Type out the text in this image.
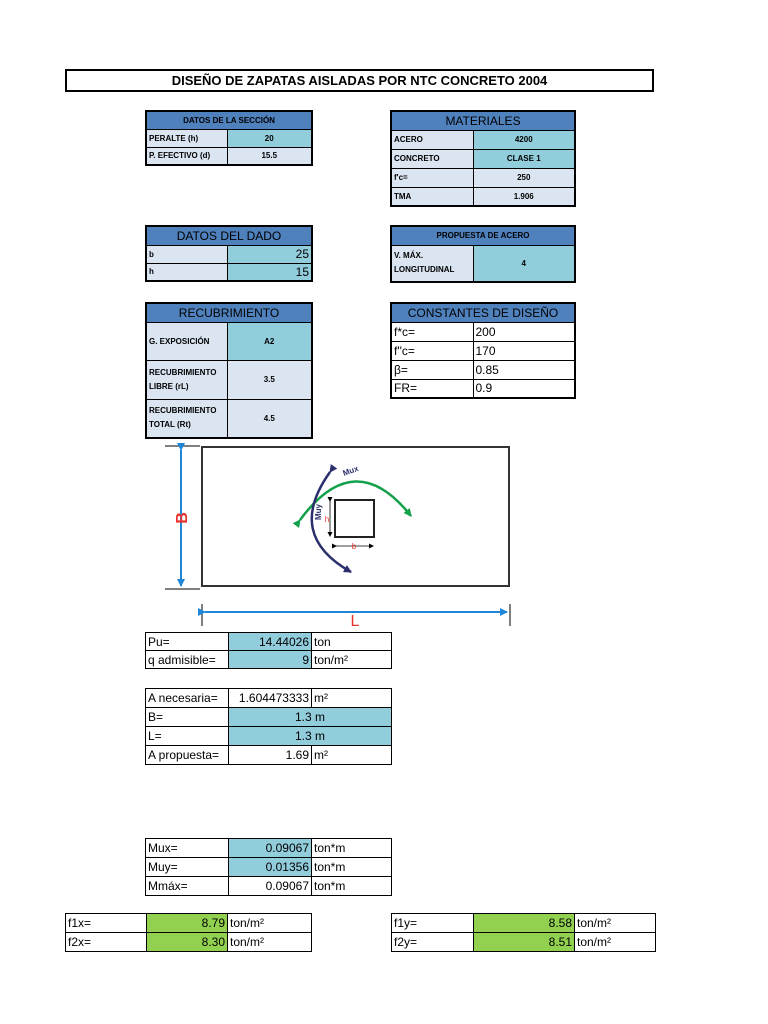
DISEÑO DE ZAPATAS AISLADAS POR NTC CONCRETO 2004
DATOS DE LA SECCIÓN	
PERALTE (h)	20
P. EFECTIVO (d)	15.5
MATERIALES	
ACERO	4200
CONCRETO	CLASE 1
f'c=	250
TMA	1.906
DATOS DEL DADO	
b	25
h	15
PROPUESTA DE ACERO
V. MÁX. LONGITUDINAL	4
RECUBRIMIENTO	
G. EXPOSICIÓN	A2
RECUBRIMIENTO LIBRE (rL)	3.5
RECUBRIMIENTO TOTAL (Rt)	4.5
CONSTANTES DE DISEÑO	
f*c=	200
f''c=	170
β=	0.85
FR=	0.9
B
L
b
h
Mux
Muy
Pu=	14.44026	ton
q admisible=	9	ton/m²
A necesaria=	1.604473333	m²
B=	1.3 m	
L=	1.3 m	
A propuesta=	1.69	m²
Mux=	0.09067	ton*m
Muy=	0.01356	ton*m
Mmáx=	0.09067	ton*m
f1x=	8.79	ton/m²
f2x=	8.30	ton/m²
f1y=	8.58	ton/m²
f2y=	8.51	ton/m²
